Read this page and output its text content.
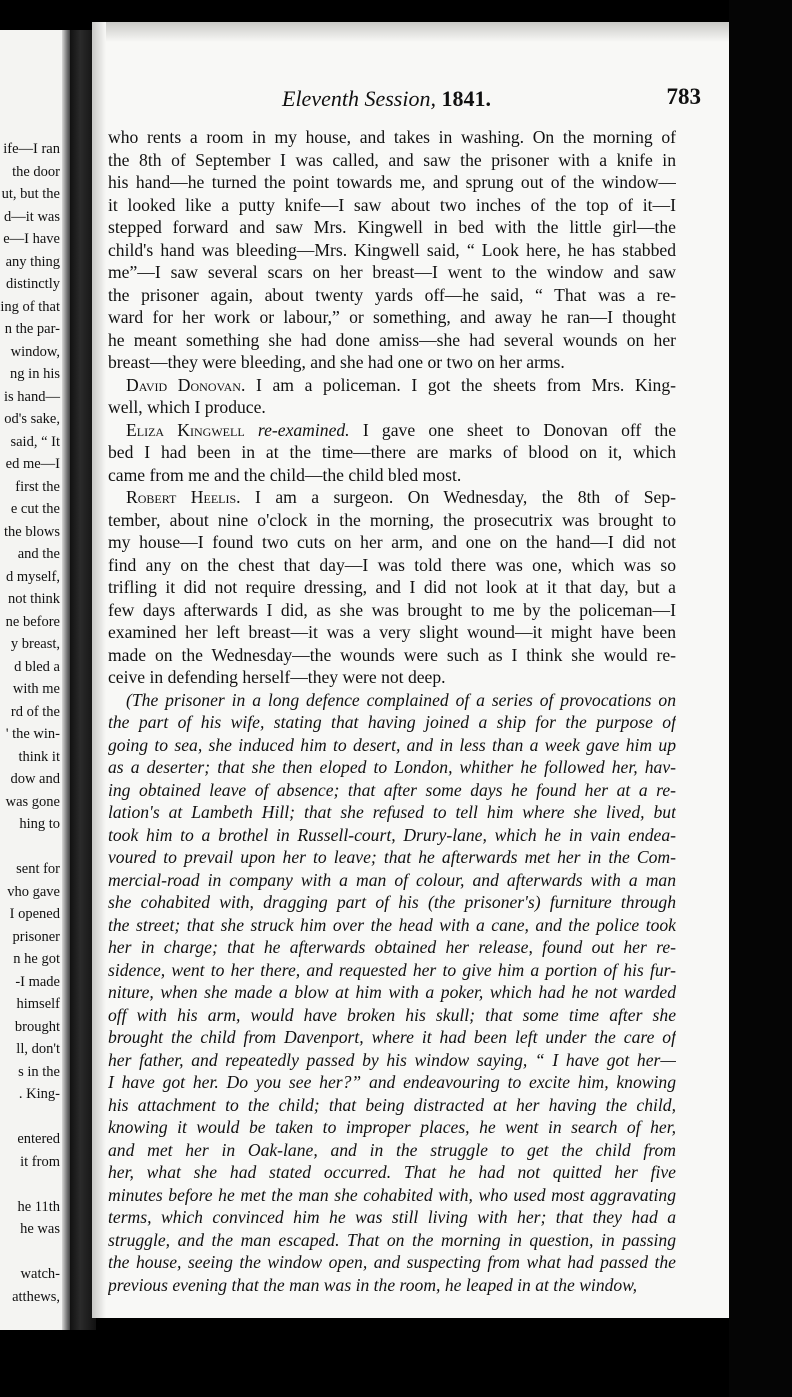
ife—I ran
the door
ut, but the
d—it was
e—I have
any thing
distinctly
ing of that
n the par-
window,
ng in his
is hand—
od's sake,
said, “ It
ed me—I
first the
e cut the
the blows
and the
d myself,
not think
ne before
y breast,
d bled a
with me
rd of the
' the win-
think it
dow and
was gone
hing to
sent for
vho gave
I opened
prisoner
n he got
-I made
himself
brought
ll, don't
s in the
. King-
entered
it from
he 11th
he was
watch-
atthews,
Eleventh Session, 1841.	783
who rents a room in my house, and takes in washing. On the morning of
the 8th of September I was called, and saw the prisoner with a knife in
his hand—he turned the point towards me, and sprung out of the window—
it looked like a putty knife—I saw about two inches of the top of it—I
stepped forward and saw Mrs. Kingwell in bed with the little girl—the
child's hand was bleeding—Mrs. Kingwell said, “ Look here, he has stabbed
me”—I saw several scars on her breast—I went to the window and saw
the prisoner again, about twenty yards off—he said, “ That was a re-
ward for her work or labour,” or something, and away he ran—I thought
he meant something she had done amiss—she had several wounds on her
breast—they were bleeding, and she had one or two on her arms.
David Donovan. I am a policeman. I got the sheets from Mrs. King-
well, which I produce.
Eliza Kingwell re-examined. I gave one sheet to Donovan off the
bed I had been in at the time—there are marks of blood on it, which
came from me and the child—the child bled most.
Robert Heelis. I am a surgeon. On Wednesday, the 8th of Sep-
tember, about nine o'clock in the morning, the prosecutrix was brought to
my house—I found two cuts on her arm, and one on the hand—I did not
find any on the chest that day—I was told there was one, which was so
trifling it did not require dressing, and I did not look at it that day, but a
few days afterwards I did, as she was brought to me by the policeman—I
examined her left breast—it was a very slight wound—it might have been
made on the Wednesday—the wounds were such as I think she would re-
ceive in defending herself—they were not deep.
(The prisoner in a long defence complained of a series of provocations on
the part of his wife, stating that having joined a ship for the purpose of
going to sea, she induced him to desert, and in less than a week gave him up
as a deserter; that she then eloped to London, whither he followed her, hav-
ing obtained leave of absence; that after some days he found her at a re-
lation's at Lambeth Hill; that she refused to tell him where she lived, but
took him to a brothel in Russell-court, Drury-lane, which he in vain endea-
voured to prevail upon her to leave; that he afterwards met her in the Com-
mercial-road in company with a man of colour, and afterwards with a man
she cohabited with, dragging part of his (the prisoner's) furniture through
the street; that she struck him over the head with a cane, and the police took
her in charge; that he afterwards obtained her release, found out her re-
sidence, went to her there, and requested her to give him a portion of his fur-
niture, when she made a blow at him with a poker, which had he not warded
off with his arm, would have broken his skull; that some time after she
brought the child from Davenport, where it had been left under the care of
her father, and repeatedly passed by his window saying, “ I have got her—
I have got her. Do you see her?” and endeavouring to excite him, knowing
his attachment to the child; that being distracted at her having the child,
knowing it would be taken to improper places, he went in search of her,
and met her in Oak-lane, and in the struggle to get the child from
her, what she had stated occurred. That he had not quitted her five
minutes before he met the man she cohabited with, who used most aggravating
terms, which convinced him he was still living with her; that they had a
struggle, and the man escaped. That on the morning in question, in passing
the house, seeing the window open, and suspecting from what had passed the
previous evening that the man was in the room, he leaped in at the window,
